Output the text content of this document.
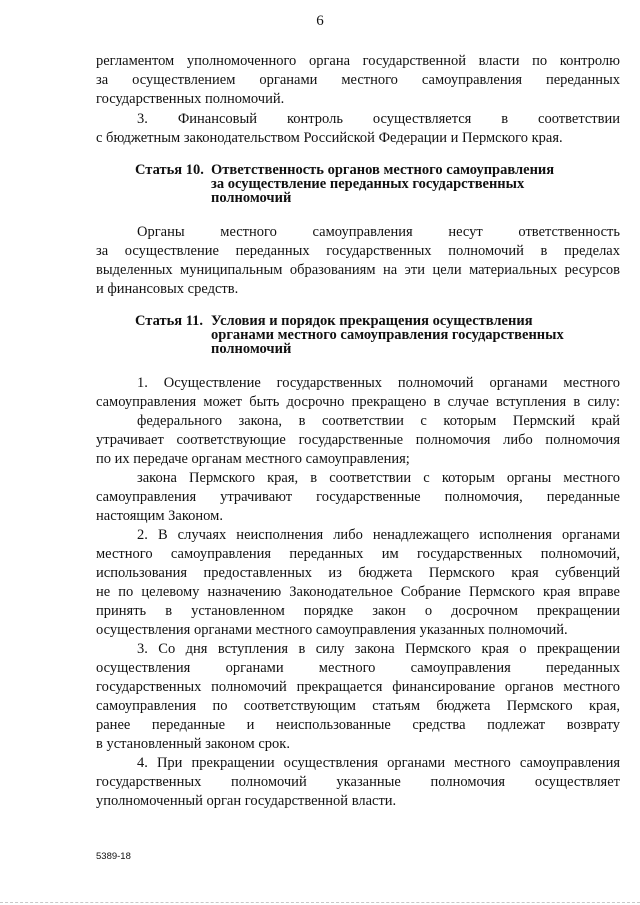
6
регламентом уполномоченного органа государственной власти по контролю
за осуществлением органами местного самоуправления переданных
государственных полномочий.
3. Финансовый контроль осуществляется в соответствии
с бюджетным законодательством Российской Федерации и Пермского края.
Статья 10. Ответственность органов местного самоуправления
за осуществление переданных государственных
полномочий
Органы местного самоуправления несут ответственность
за осуществление переданных государственных полномочий в пределах
выделенных муниципальным образованиям на эти цели материальных ресурсов
и финансовых средств.
Статья 11. Условия и порядок прекращения осуществления
органами местного самоуправления государственных
полномочий
1. Осуществление государственных полномочий органами местного
самоуправления может быть досрочно прекращено в случае вступления в силу:
федерального закона, в соответствии с которым Пермский край
утрачивает соответствующие государственные полномочия либо полномочия
по их передаче органам местного самоуправления;
закона Пермского края, в соответствии с которым органы местного
самоуправления утрачивают государственные полномочия, переданные
настоящим Законом.
2. В случаях неисполнения либо ненадлежащего исполнения органами
местного самоуправления переданных им государственных полномочий,
использования предоставленных из бюджета Пермского края субвенций
не по целевому назначению Законодательное Собрание Пермского края вправе
принять в установленном порядке закон о досрочном прекращении
осуществления органами местного самоуправления указанных полномочий.
3. Со дня вступления в силу закона Пермского края о прекращении
осуществления органами местного самоуправления переданных
государственных полномочий прекращается финансирование органов местного
самоуправления по соответствующим статьям бюджета Пермского края,
ранее переданные и неиспользованные средства подлежат возврату
в установленный законом срок.
4. При прекращении осуществления органами местного самоуправления
государственных полномочий указанные полномочия осуществляет
уполномоченный орган государственной власти.
5389-18
